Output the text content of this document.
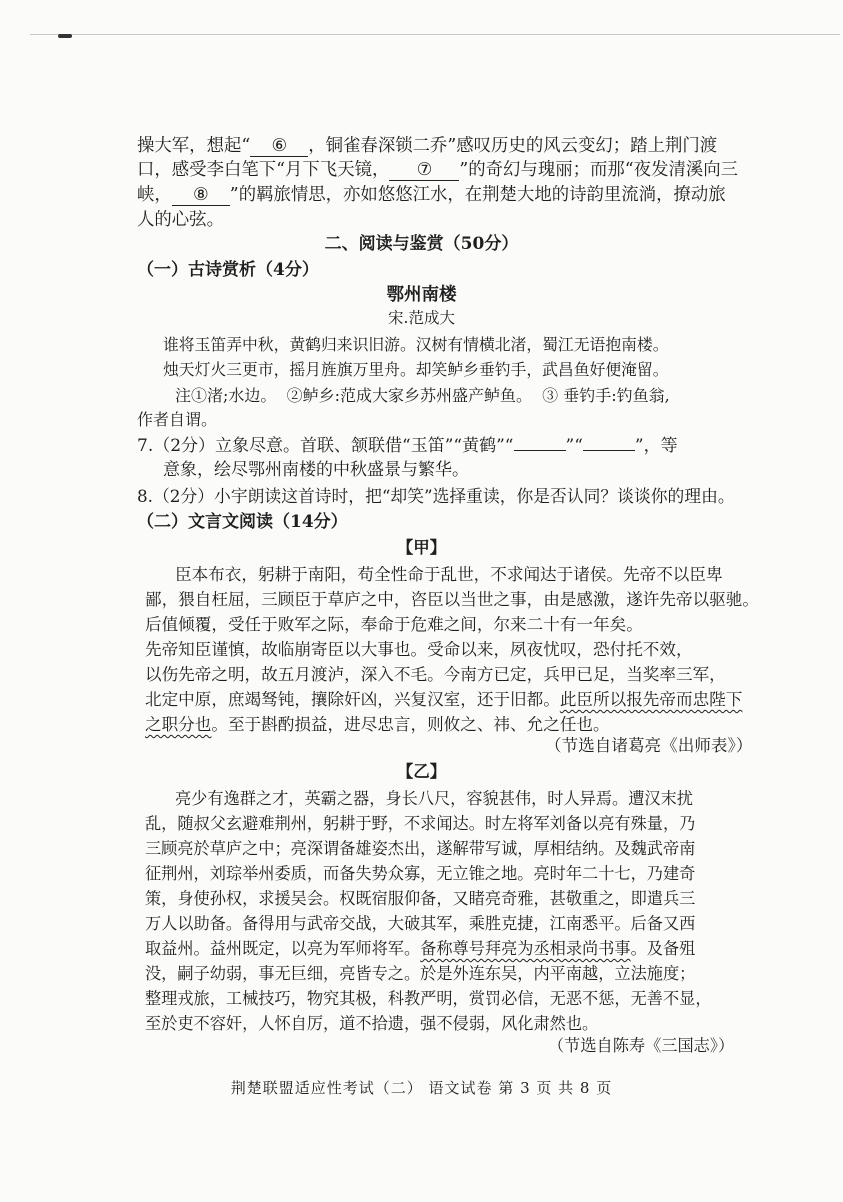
操大军，想起“ ⑥ ，铜雀春深锁二乔”感叹历史的风云变幻；踏上荆门渡
口，感受李白笔下“月下飞天镜， ⑦ ”的奇幻与瑰丽；而那“夜发清溪向三
峡， ⑧ ”的羁旅情思，亦如悠悠江水，在荆楚大地的诗韵里流淌，撩动旅
人的心弦。
二、阅读与鉴赏（50分）
（一）古诗赏析（4分）
鄂州南楼
宋.范成大
谁将玉笛弄中秋，黄鹤归来识旧游。汉树有情横北渚，蜀江无语抱南楼。
烛天灯火三更市，摇月旌旗万里舟。却笑鲈乡垂钓手，武昌鱼好便淹留。
注①渚;水边。  ②鲈乡:范成大家乡苏州盛产鲈鱼。  ③ 垂钓手:钓鱼翁,
作者自谓。
7.（2分）立象尽意。首联、颔联借“玉笛”“黄鹤”“	”“	”，等
意象，绘尽鄂州南楼的中秋盛景与繁华。
8.（2分）小宇朗读这首诗时，把“却笑”选择重读，你是否认同？谈谈你的理由。
（二）文言文阅读（14分）
【甲】
臣本布衣，躬耕于南阳，苟全性命于乱世，不求闻达于诸侯。先帝不以臣卑
鄙，猥自枉屈，三顾臣于草庐之中，咨臣以当世之事，由是感激，遂许先帝以驱驰。
后值倾覆，受任于败军之际，奉命于危难之间，尔来二十有一年矣。
先帝知臣谨慎，故临崩寄臣以大事也。受命以来，夙夜忧叹，恐付托不效，
以伤先帝之明，故五月渡泸，深入不毛。今南方已定，兵甲已足，当奖率三军，
北定中原，庶竭驽钝，攘除奸凶，兴复汉室，还于旧都。此臣所以报先帝而忠陛下
之职分也。至于斟酌损益，进尽忠言，则攸之、祎、允之任也。
（节选自诸葛亮《出师表》）
【乙】
亮少有逸群之才，英霸之器，身长八尺，容貌甚伟，时人异焉。遭汉末扰
乱，随叔父玄避难荆州，躬耕于野，不求闻达。时左将军刘备以亮有殊量，乃
三顾亮於草庐之中；亮深谓备雄姿杰出，遂解带写诚，厚相结纳。及魏武帝南
征荆州，刘琮举州委质，而备失势众寡，无立锥之地。亮时年二十七，乃建奇
策，身使孙权，求援吴会。权既宿服仰备，又睹亮奇雅，甚敬重之，即遣兵三
万人以助备。备得用与武帝交战，大破其军，乘胜克捷，江南悉平。后备又西
取益州。益州既定，以亮为军师将军。备称尊号拜亮为丞相录尚书事。及备殂
没，嗣子幼弱，事无巨细，亮皆专之。於是外连东吴，内平南越，立法施度；
整理戎旅，工械技巧，物究其极，科教严明，赏罚必信，无恶不惩，无善不显，
至於吏不容奸，人怀自厉，道不拾遗，强不侵弱，风化肃然也。
（节选自陈寿《三国志》）
荆楚联盟适应性考试（二） 语文试卷 第 3 页 共 8 页
